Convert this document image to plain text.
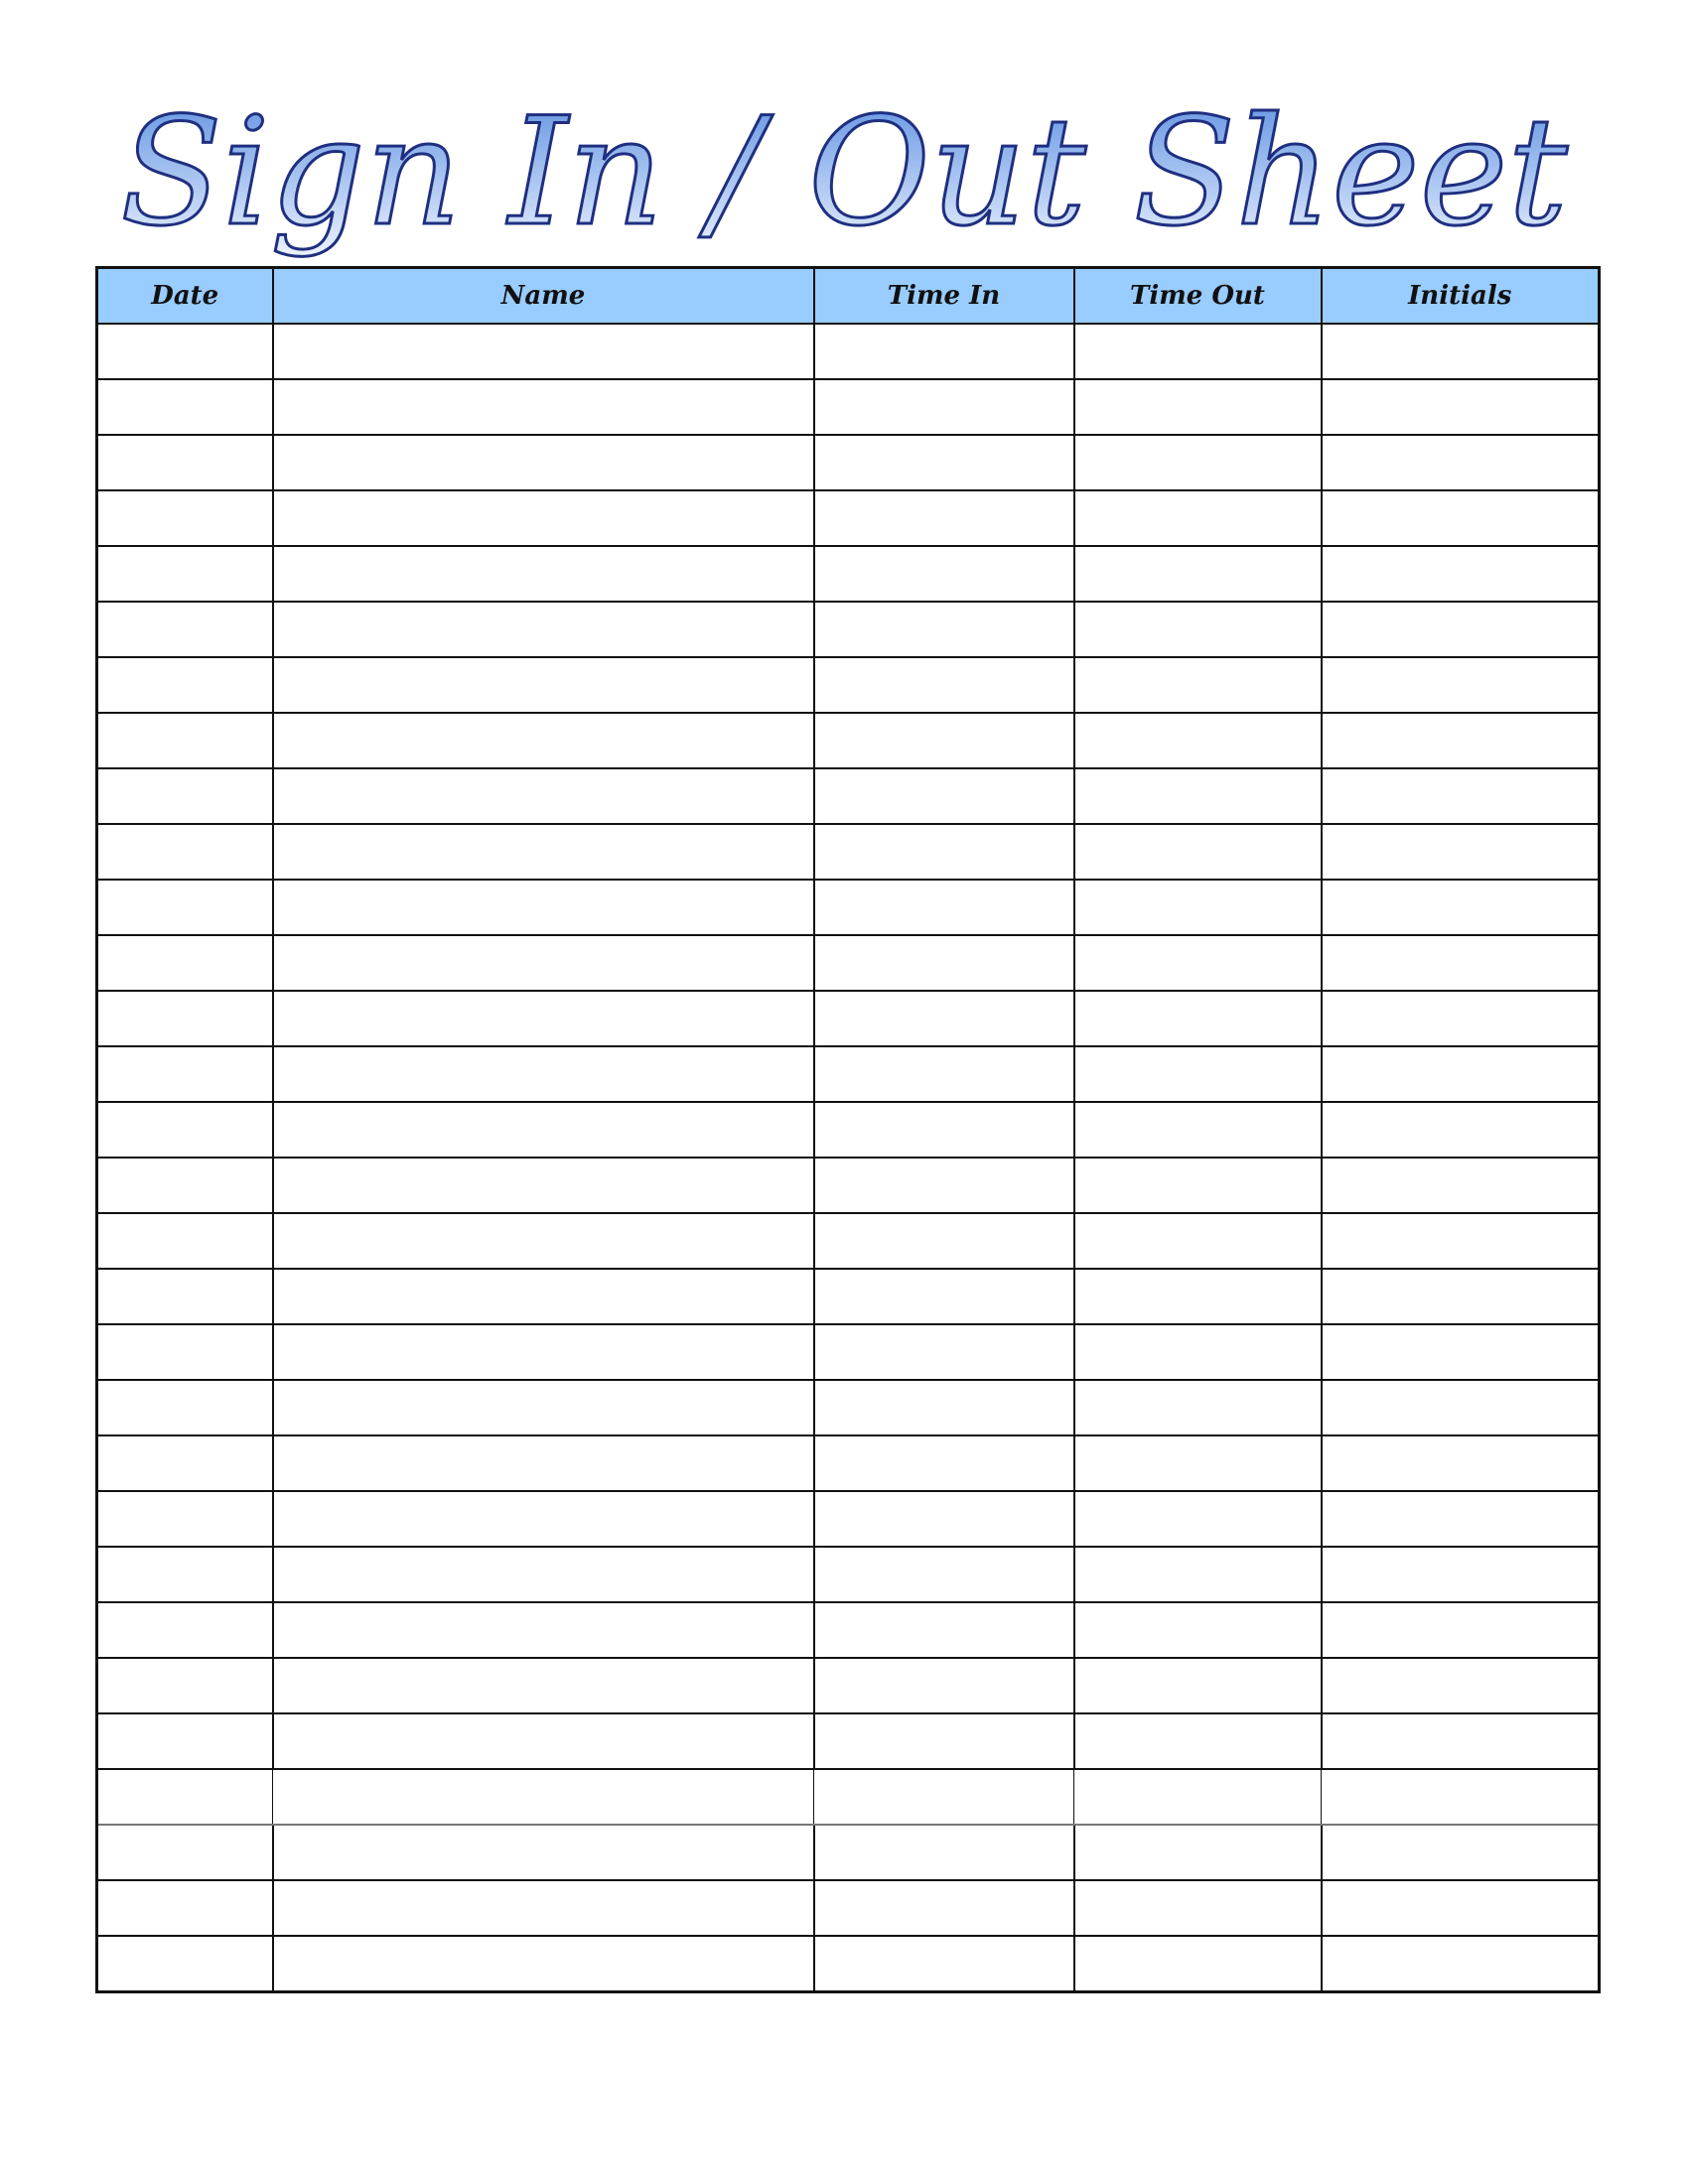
Sign In / Out Sheet
Date	Name	Time In	Time Out	Initials
